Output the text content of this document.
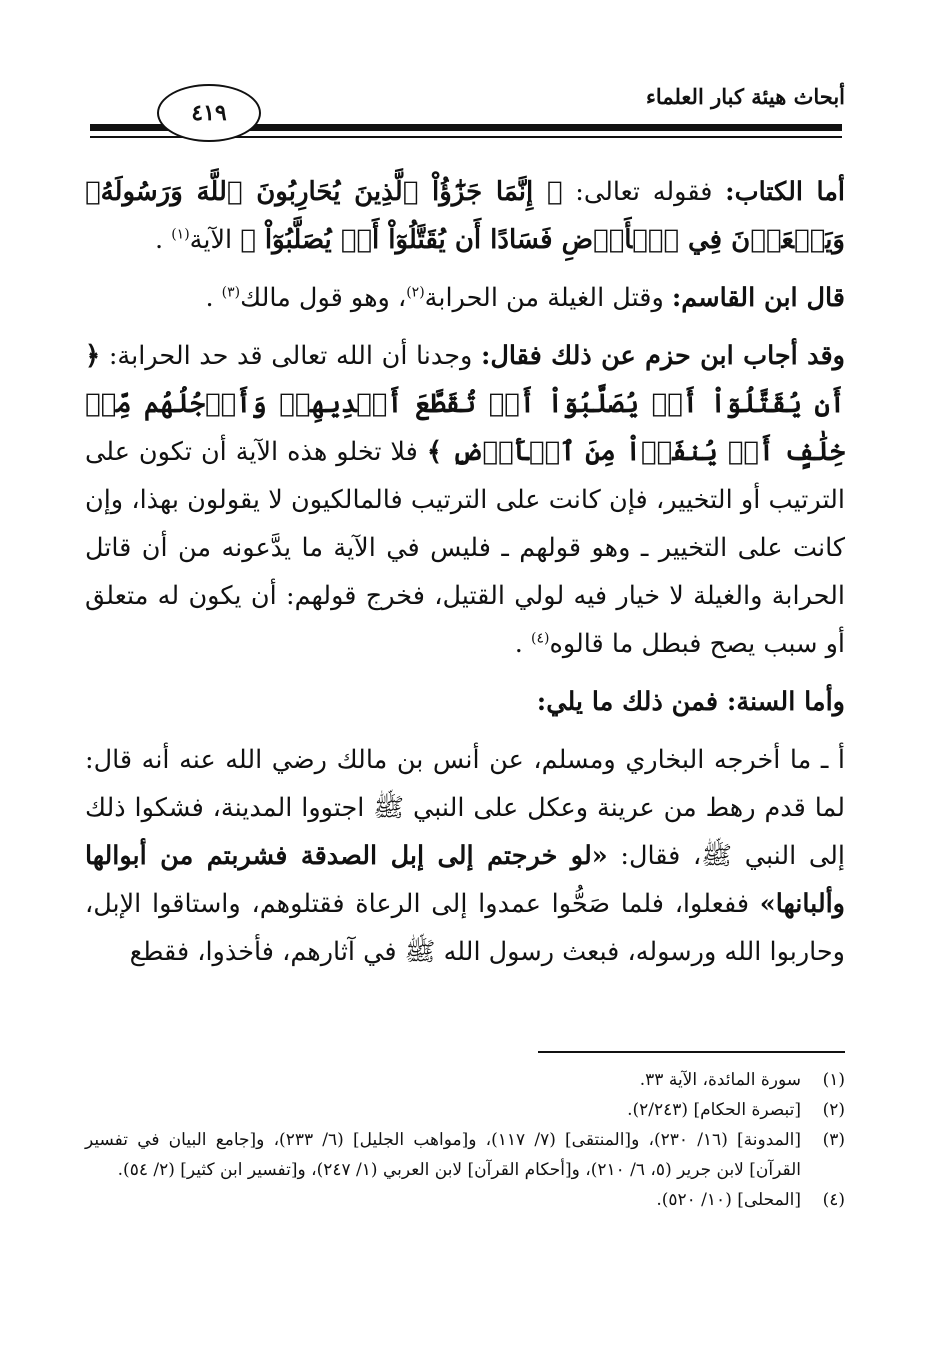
أبحاث هيئة كبار العلماء
٤١٩

أما الكتاب: فقوله تعالى: ﴿ إِنَّمَا جَزَٰٓؤُاْ ٱلَّذِينَ يُحَارِبُونَ ٱللَّهَ وَرَسُولَهُۥ وَيَسۡعَوۡنَ فِي ٱلۡأَرۡضِ فَسَادًا أَن يُقَتَّلُوٓاْ أَوۡ يُصَلَّبُوٓاْ ﴾ الآية$^{(١)}$ .

قال ابن القاسم: وقتل الغيلة من الحرابة$^{(٢)}$، وهو قول مالك$^{(٣)}$ .

وقد أجاب ابن حزم عن ذلك فقال: وجدنا أن الله تعالى قد حد الحرابة: ﴿ أَن يُقَتَّلُوٓاْ أَوۡ يُصَلَّبُوٓاْ أَوۡ تُقَطَّعَ أَيۡدِيهِمۡ وَأَرۡجُلُهُم مِّنۡ خِلَٰفٍ أَوۡ يُنفَوۡاْ مِنَ ٱلۡأَرۡضِ ﴾ فلا تخلو هذه الآية أن تكون على الترتيب أو التخيير، فإن كانت على الترتيب فالمالكيون لا يقولون بهذا، وإن كانت على التخيير ـ وهو قولهم ـ فليس في الآية ما يدَّعونه من أن قاتل الحرابة والغيلة لا خيار فيه لولي القتيل، فخرج قولهم: أن يكون له متعلق أو سبب يصح فبطل ما قالوه$^{(٤)}$ .

وأما السنة: فمن ذلك ما يلي:

أ ـ ما أخرجه البخاري ومسلم، عن أنس بن مالك رضي الله عنه أنه قال: لما قدم رهط من عرينة وعكل على النبي ﷺ اجتووا المدينة، فشكوا ذلك إلى النبي ﷺ، فقال: «لو خرجتم إلى إبل الصدقة فشربتم من أبوالها وألبانها» ففعلوا، فلما صَحُّوا عمدوا إلى الرعاة فقتلوهم، واستاقوا الإبل، وحاربوا الله ورسوله، فبعث رسول الله ﷺ في آثارهم، فأخذوا، فقطع

(١)
سورة المائدة، الآية ٣٣.
(٢)
[تبصرة الحكام] (٢/٢٤٣).
(٣)
[المدونة] (١٦/ ٢٣٠)، و[المنتقى] (٧/ ١١٧)، و[مواهب الجليل] (٦/ ٢٣٣)، و[جامع البيان في تفسير القرآن] لابن جرير (٥، ٦/ ٢١٠)، و[أحكام القرآن] لابن العربي (١/ ٢٤٧)، و[تفسير ابن كثير] (٢/ ٥٤).
(٤)
[المحلى] (١٠/ ٥٢٠).
